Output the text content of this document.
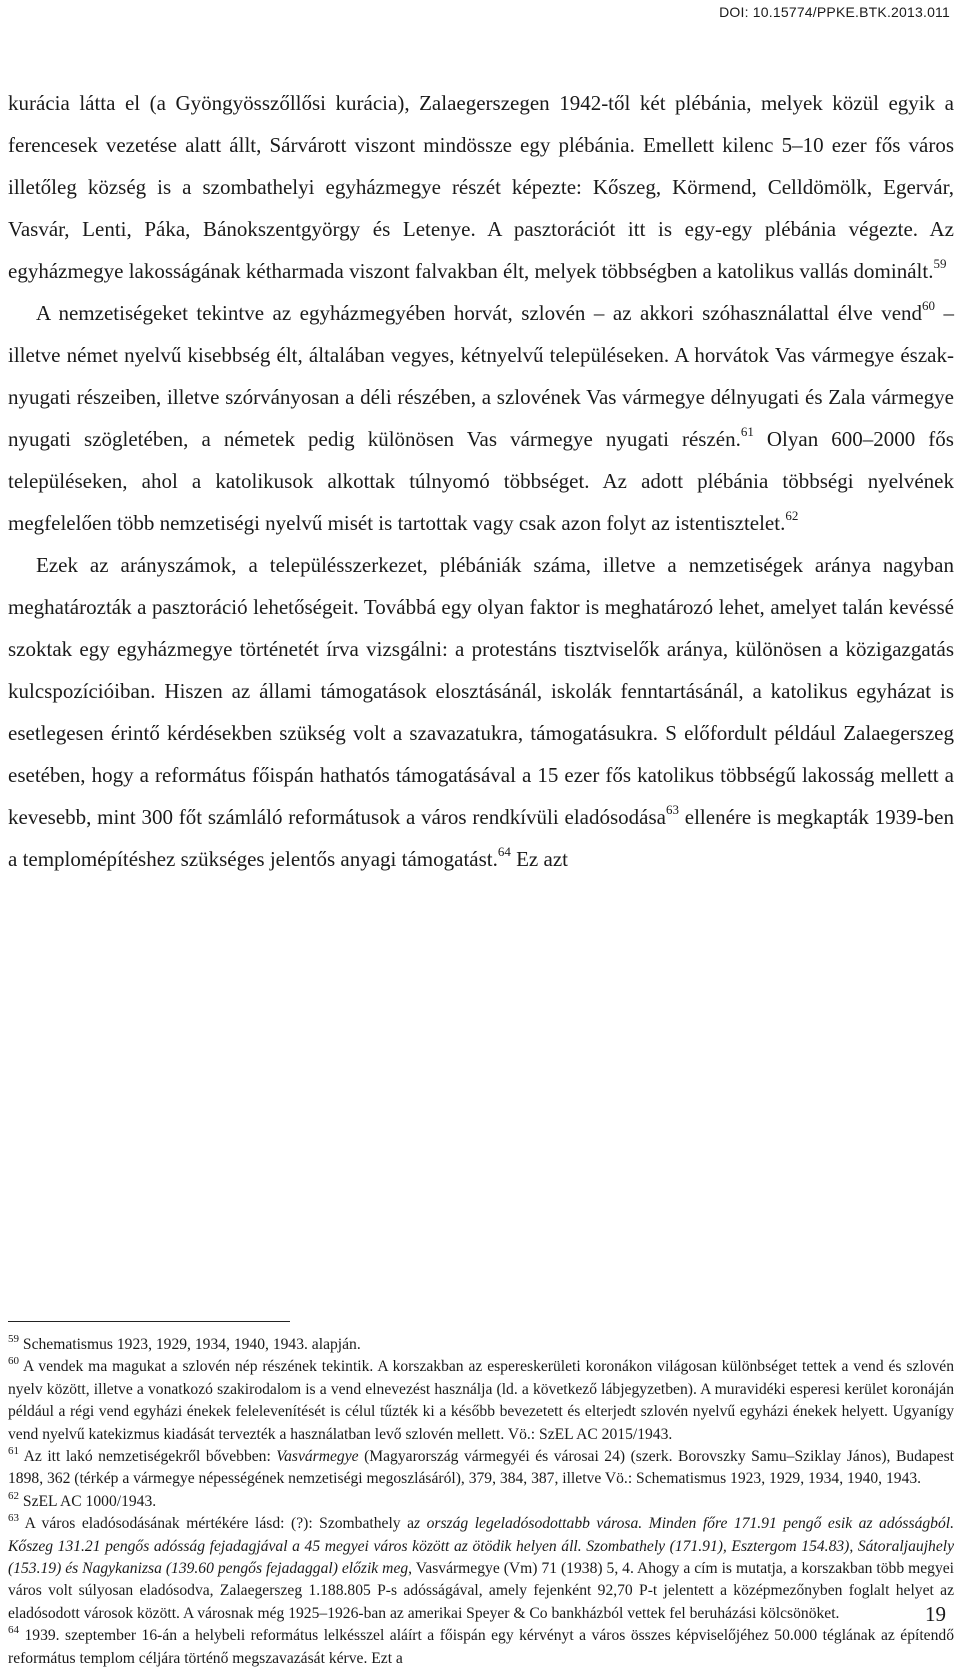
DOI: 10.15774/PPKE.BTK.2013.011

kurácia látta el (a Gyöngyösszőllősi kurácia), Zalaegerszegen 1942-től két plébánia, melyek közül egyik a ferencesek vezetése alatt állt, Sárvárott viszont mindössze egy plébánia. Emellett kilenc 5–10 ezer fős város illetőleg község is a szombathelyi egyházmegye részét képezte: Kőszeg, Körmend, Celldömölk, Egervár, Vasvár, Lenti, Páka, Bánokszentgyörgy és Letenye. A pasztorációt itt is egy-egy plébánia végezte. Az egyházmegye lakosságának kétharmada viszont falvakban élt, melyek többségben a katolikus vallás dominált.$^{59}$

A nemzetiségeket tekintve az egyházmegyében horvát, szlovén – az akkori szóhasználattal élve vend$^{60}$ – illetve német nyelvű kisebbség élt, általában vegyes, kétnyelvű településeken. A horvátok Vas vármegye észak-nyugati részeiben, illetve szórványosan a déli részében, a szlovének Vas vármegye délnyugati és Zala vármegye nyugati szögletében, a németek pedig különösen Vas vármegye nyugati részén.$^{61}$ Olyan 600–2000 fős településeken, ahol a katolikusok alkottak túlnyomó többséget. Az adott plébánia többségi nyelvének megfelelően több nemzetiségi nyelvű misét is tartottak vagy csak azon folyt az istentisztelet.$^{62}$

Ezek az arányszámok, a településszerkezet, plébániák száma, illetve a nemzetiségek aránya nagyban meghatározták a pasztoráció lehetőségeit. Továbbá egy olyan faktor is meghatározó lehet, amelyet talán kevéssé szoktak egy egyházmegye történetét írva vizsgálni: a protestáns tisztviselők aránya, különösen a közigazgatás kulcspozícióiban. Hiszen az állami támogatások elosztásánál, iskolák fenntartásánál, a katolikus egyházat is esetlegesen érintő kérdésekben szükség volt a szavazatukra, támogatásukra. S előfordult például Zalaegerszeg esetében, hogy a református főispán hathatós támogatásával a 15 ezer fős katolikus többségű lakosság mellett a kevesebb, mint 300 főt számláló reformátusok a város rendkívüli eladósodása$^{63}$ ellenére is megkapták 1939-ben a templomépítéshez szükséges jelentős anyagi támogatást.$^{64}$ Ez azt

$^{59}$ Schematismus 1923, 1929, 1934, 1940, 1943. alapján.

$^{60}$ A vendek ma magukat a szlovén nép részének tekintik. A korszakban az espereskerületi koronákon világosan különbséget tettek a vend és szlovén nyelv között, illetve a vonatkozó szakirodalom is a vend elnevezést használja (ld. a következő lábjegyzetben). A muravidéki esperesi kerület koronáján például a régi vend egyházi énekek felelevenítését is célul tűzték ki a később bevezetett és elterjedt szlovén nyelvű egyházi énekek helyett. Ugyanígy vend nyelvű katekizmus kiadását tervezték a használatban levő szlovén mellett. Vö.: SzEL AC 2015/1943.

$^{61}$ Az itt lakó nemzetiségekről bővebben: Vasvármegye (Magyarország vármegyéi és városai 24) (szerk. Borovszky Samu–Sziklay János), Budapest 1898, 362 (térkép a vármegye népességének nemzetiségi megoszlásáról), 379, 384, 387, illetve Vö.: Schematismus 1923, 1929, 1934, 1940, 1943.

$^{62}$ SzEL AC 1000/1943.

$^{63}$ A város eladósodásának mértékére lásd: (?): Szombathely az ország legeladósodottabb városa. Minden főre 171.91 pengő esik az adósságból. Kőszeg 131.21 pengős adósság fejadagjával a 45 megyei város között az ötödik helyen áll. Szombathely (171.91), Esztergom 154.83), Sátoraljaujhely (153.19) és Nagykanizsa (139.60 pengős fejadaggal) előzik meg, Vasvármegye (Vm) 71 (1938) 5, 4. Ahogy a cím is mutatja, a korszakban több megyei város volt súlyosan eladósodva, Zalaegerszeg 1.188.805 P-s adósságával, amely fejenként 92,70 P-t jelentett a középmezőnyben foglalt helyet az eladósodott városok között. A városnak még 1925–1926-ban az amerikai Speyer & Co bankházból vettek fel beruházási kölcsönöket.

$^{64}$ 1939. szeptember 16-án a helybeli református lelkésszel aláírt a főispán egy kérvényt a város összes képviselőjéhez 50.000 téglának az építendő református templom céljára történő megszavazását kérve. Ezt a

19
